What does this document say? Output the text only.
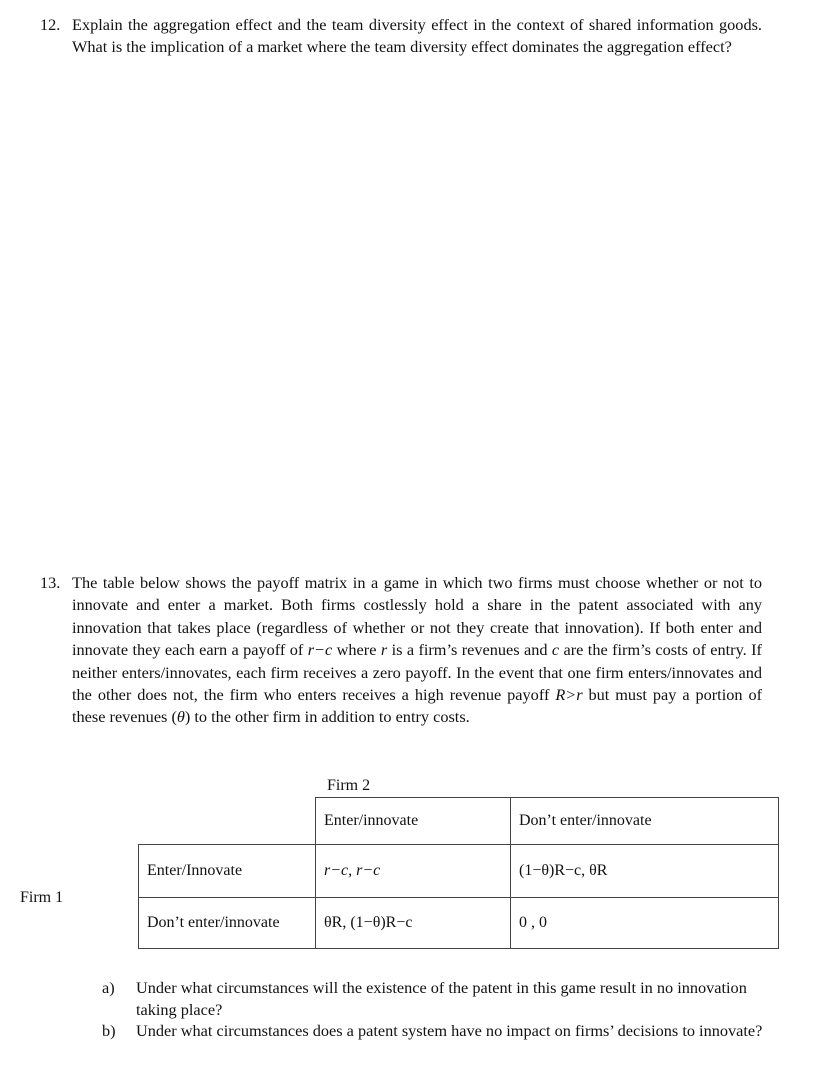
12. Explain the aggregation effect and the team diversity effect in the context of shared information goods. What is the implication of a market where the team diversity effect dominates the aggregation effect?
13. The table below shows the payoff matrix in a game in which two firms must choose whether or not to innovate and enter a market. Both firms costlessly hold a share in the patent associated with any innovation that takes place (regardless of whether or not they create that innovation). If both enter and innovate they each earn a payoff of r−c where r is a firm’s revenues and c are the firm’s costs of entry. If neither enters/innovates, each firm receives a zero payoff. In the event that one firm enters/innovates and the other does not, the firm who enters receives a high revenue payoff R>r but must pay a portion of these revenues (θ) to the other firm in addition to entry costs.
Firm 2
Firm 1
	Enter/innovate	Don’t enter/innovate
Enter/Innovate	r−c, r−c	(1−θ)R−c, θR
Don’t enter/innovate	θR, (1−θ)R−c	0 , 0
a) Under what circumstances will the existence of the patent in this game result in no innovation taking place?
b) Under what circumstances does a patent system have no impact on firms’ decisions to innovate?
